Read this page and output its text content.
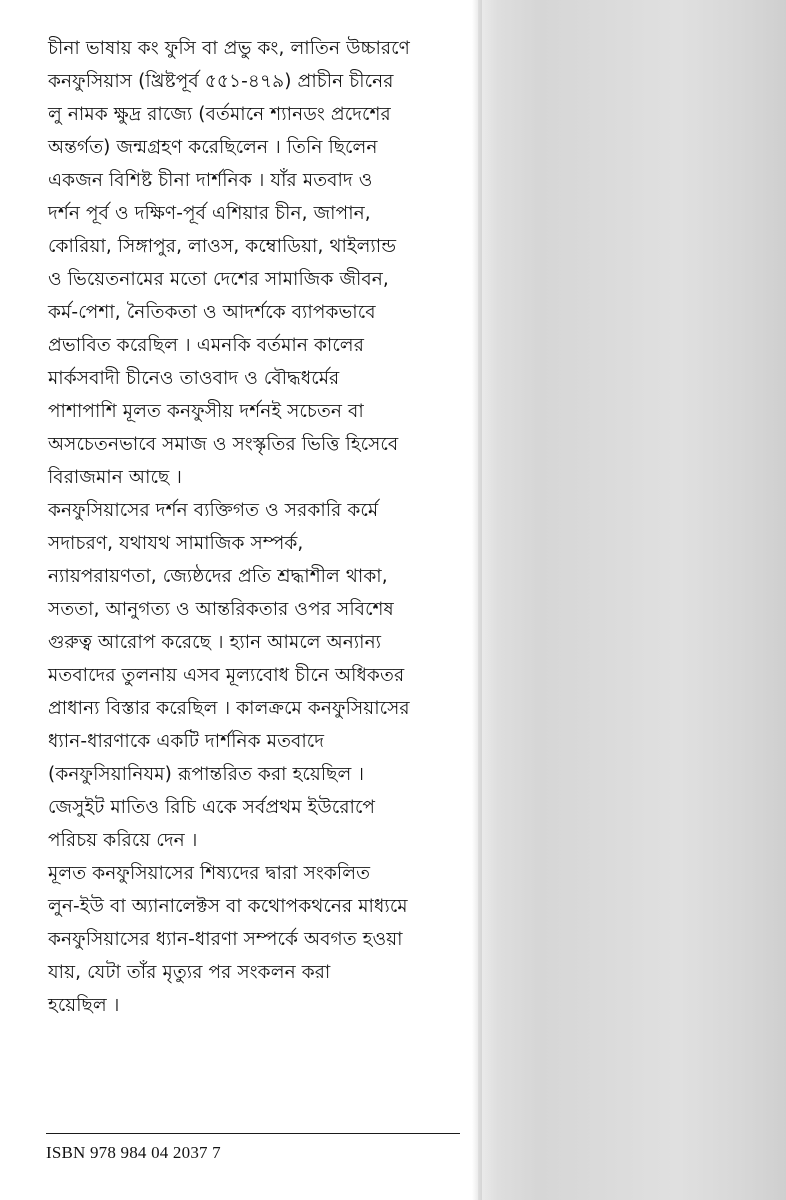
চীনা ভাষায় কং ফুসি বা প্রভু কং, লাতিন উচ্চারণে
কনফুসিয়াস (খ্রিষ্টপূর্ব ৫৫১-৪৭৯) প্রাচীন চীনের
লু নামক ক্ষুদ্র রাজ্যে (বর্তমানে শ্যানডং প্রদেশের
অন্তর্গত) জন্মগ্রহণ করেছিলেন । তিনি ছিলেন
একজন বিশিষ্ট চীনা দার্শনিক । যাঁর মতবাদ ও
দর্শন পূর্ব ও দক্ষিণ-পূর্ব এশিয়ার চীন, জাপান,
কোরিয়া, সিঙ্গাপুর, লাওস, কম্বোডিয়া, থাইল্যান্ড
ও ভিয়েতনামের মতো দেশের সামাজিক জীবন,
কর্ম-পেশা, নৈতিকতা ও আদর্শকে ব্যাপকভাবে
প্রভাবিত করেছিল । এমনকি বর্তমান কালের
মার্কসবাদী চীনেও তাওবাদ ও বৌদ্ধধর্মের
পাশাপাশি মূলত কনফুসীয় দর্শনই সচেতন বা
অসচেতনভাবে সমাজ ও সংস্কৃতির ভিত্তি হিসেবে
বিরাজমান আছে ।
কনফুসিয়াসের দর্শন ব্যক্তিগত ও সরকারি কর্মে
সদাচরণ, যথাযথ সামাজিক সম্পর্ক,
ন্যায়পরায়ণতা, জ্যেষ্ঠদের প্রতি শ্রদ্ধাশীল থাকা,
সততা, আনুগত্য ও আন্তরিকতার ওপর সবিশেষ
গুরুত্ব আরোপ করেছে । হ্যান আমলে অন্যান্য
মতবাদের তুলনায় এসব মূল্যবোধ চীনে অধিকতর
প্রাধান্য বিস্তার করেছিল । কালক্রমে কনফুসিয়াসের
ধ্যান-ধারণাকে একটি দার্শনিক মতবাদে
(কনফুসিয়ানিযম) রূপান্তরিত করা হয়েছিল ।
জেসুইট মাতিও রিচি একে সর্বপ্রথম ইউরোপে
পরিচয় করিয়ে দেন ।
মূলত কনফুসিয়াসের শিষ্যদের দ্বারা সংকলিত
লুন-ইউ বা অ্যানালেক্টস বা কথোপকথনের মাধ্যমে
কনফুসিয়াসের ধ্যান-ধারণা সম্পর্কে অবগত হওয়া
যায়, যেটা তাঁর মৃত্যুর পর সংকলন করা
হয়েছিল ।
ISBN 978 984 04 2037 7
